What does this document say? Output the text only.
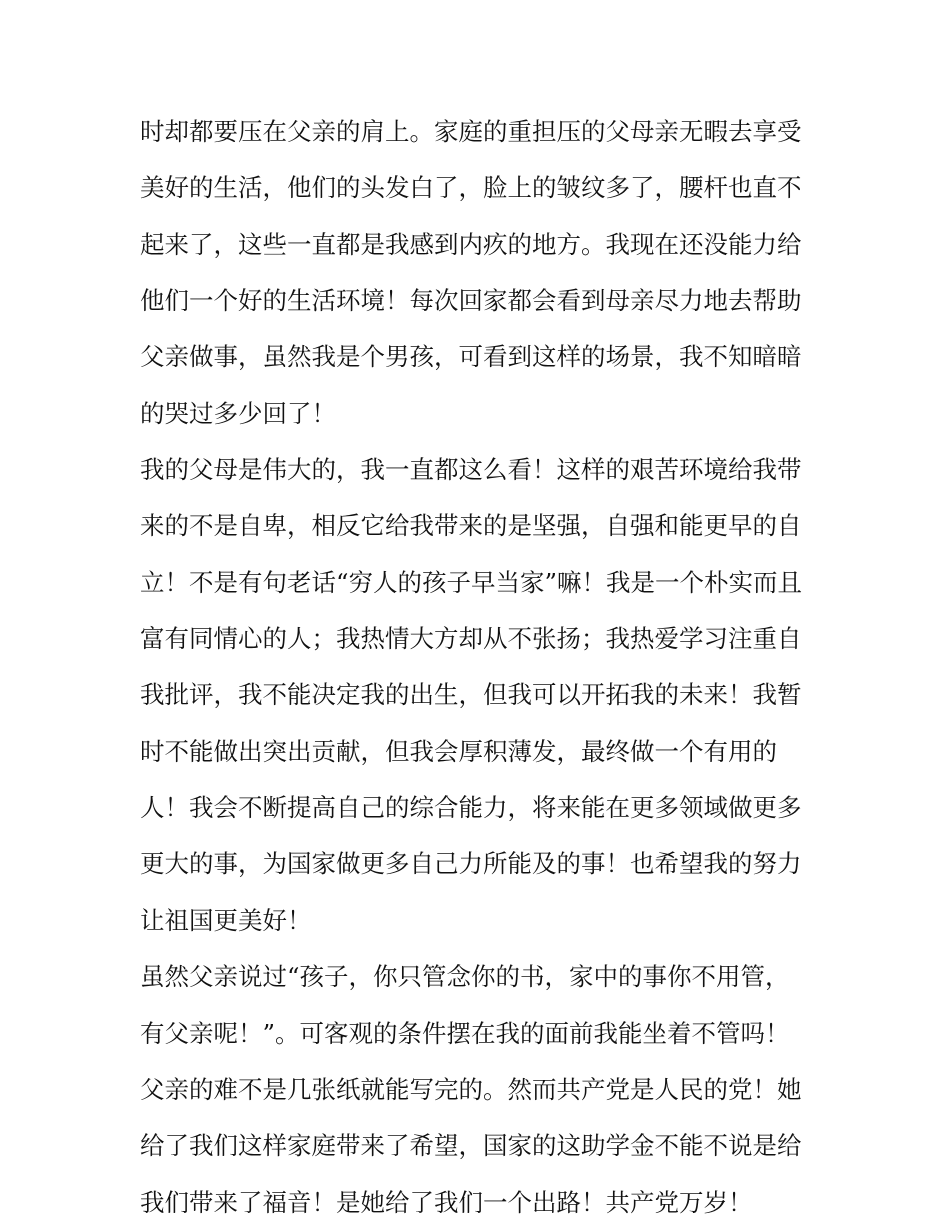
时却都要压在父亲的肩上。家庭的重担压的父母亲无暇去享受
美好的生活，他们的头发白了，脸上的皱纹多了，腰杆也直不
起来了，这些一直都是我感到内疚的地方。我现在还没能力给
他们一个好的生活环境！每次回家都会看到母亲尽力地去帮助
父亲做事，虽然我是个男孩，可看到这样的场景，我不知暗暗
的哭过多少回了！
我的父母是伟大的，我一直都这么看！这样的艰苦环境给我带
来的不是自卑，相反它给我带来的是坚强，自强和能更早的自
立！不是有句老话“穷人的孩子早当家”嘛！我是一个朴实而且
富有同情心的人；我热情大方却从不张扬；我热爱学习注重自
我批评，我不能决定我的出生，但我可以开拓我的未来！我暂
时不能做出突出贡献，但我会厚积薄发，最终做一个有用的
人！我会不断提高自己的综合能力，将来能在更多领域做更多
更大的事，为国家做更多自己力所能及的事！也希望我的努力
让祖国更美好！
虽然父亲说过“孩子，你只管念你的书，家中的事你不用管，
有父亲呢！”。可客观的条件摆在我的面前我能坐着不管吗！
父亲的难不是几张纸就能写完的。然而共产党是人民的党！她
给了我们这样家庭带来了希望，国家的这助学金不能不说是给
我们带来了福音！是她给了我们一个出路！共产党万岁！
